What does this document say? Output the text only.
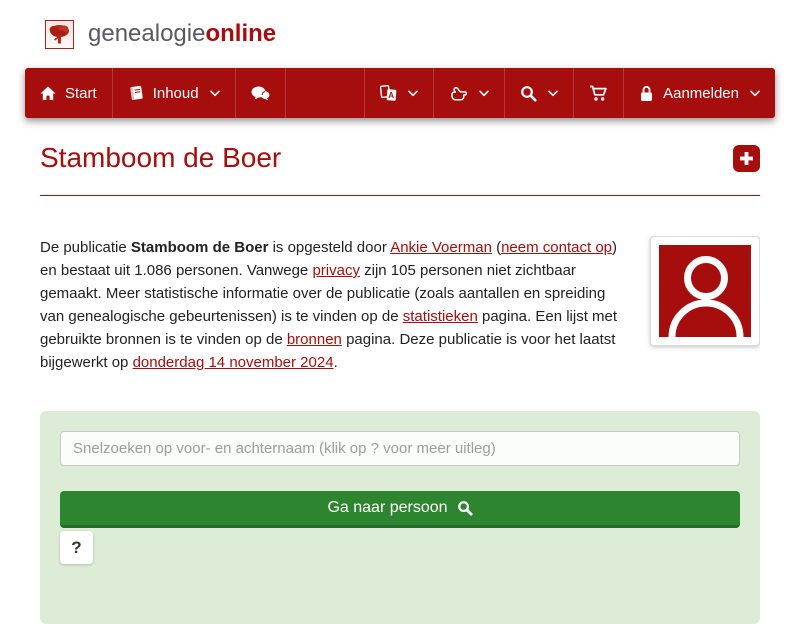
genealogieonline
Start	Inhoud	A	Aanmelden
Stamboom de Boer

De publicatie Stamboom de Boer is opgesteld door Ankie Voerman (neem contact op) en bestaat uit 1.086 personen. Vanwege privacy zijn 105 personen niet zichtbaar gemaakt. Meer statistische informatie over de publicatie (zoals aantallen en spreiding van genealogische gebeurtenissen) is te vinden op de statistieken pagina. Een lijst met gebruikte bronnen is te vinden op de bronnen pagina. Deze publicatie is voor het laatst bijgewerkt op donderdag 14 november 2024.

Snelzoeken op voor- en achternaam (klik op ? voor meer uitleg)
Ga naar persoon
?
